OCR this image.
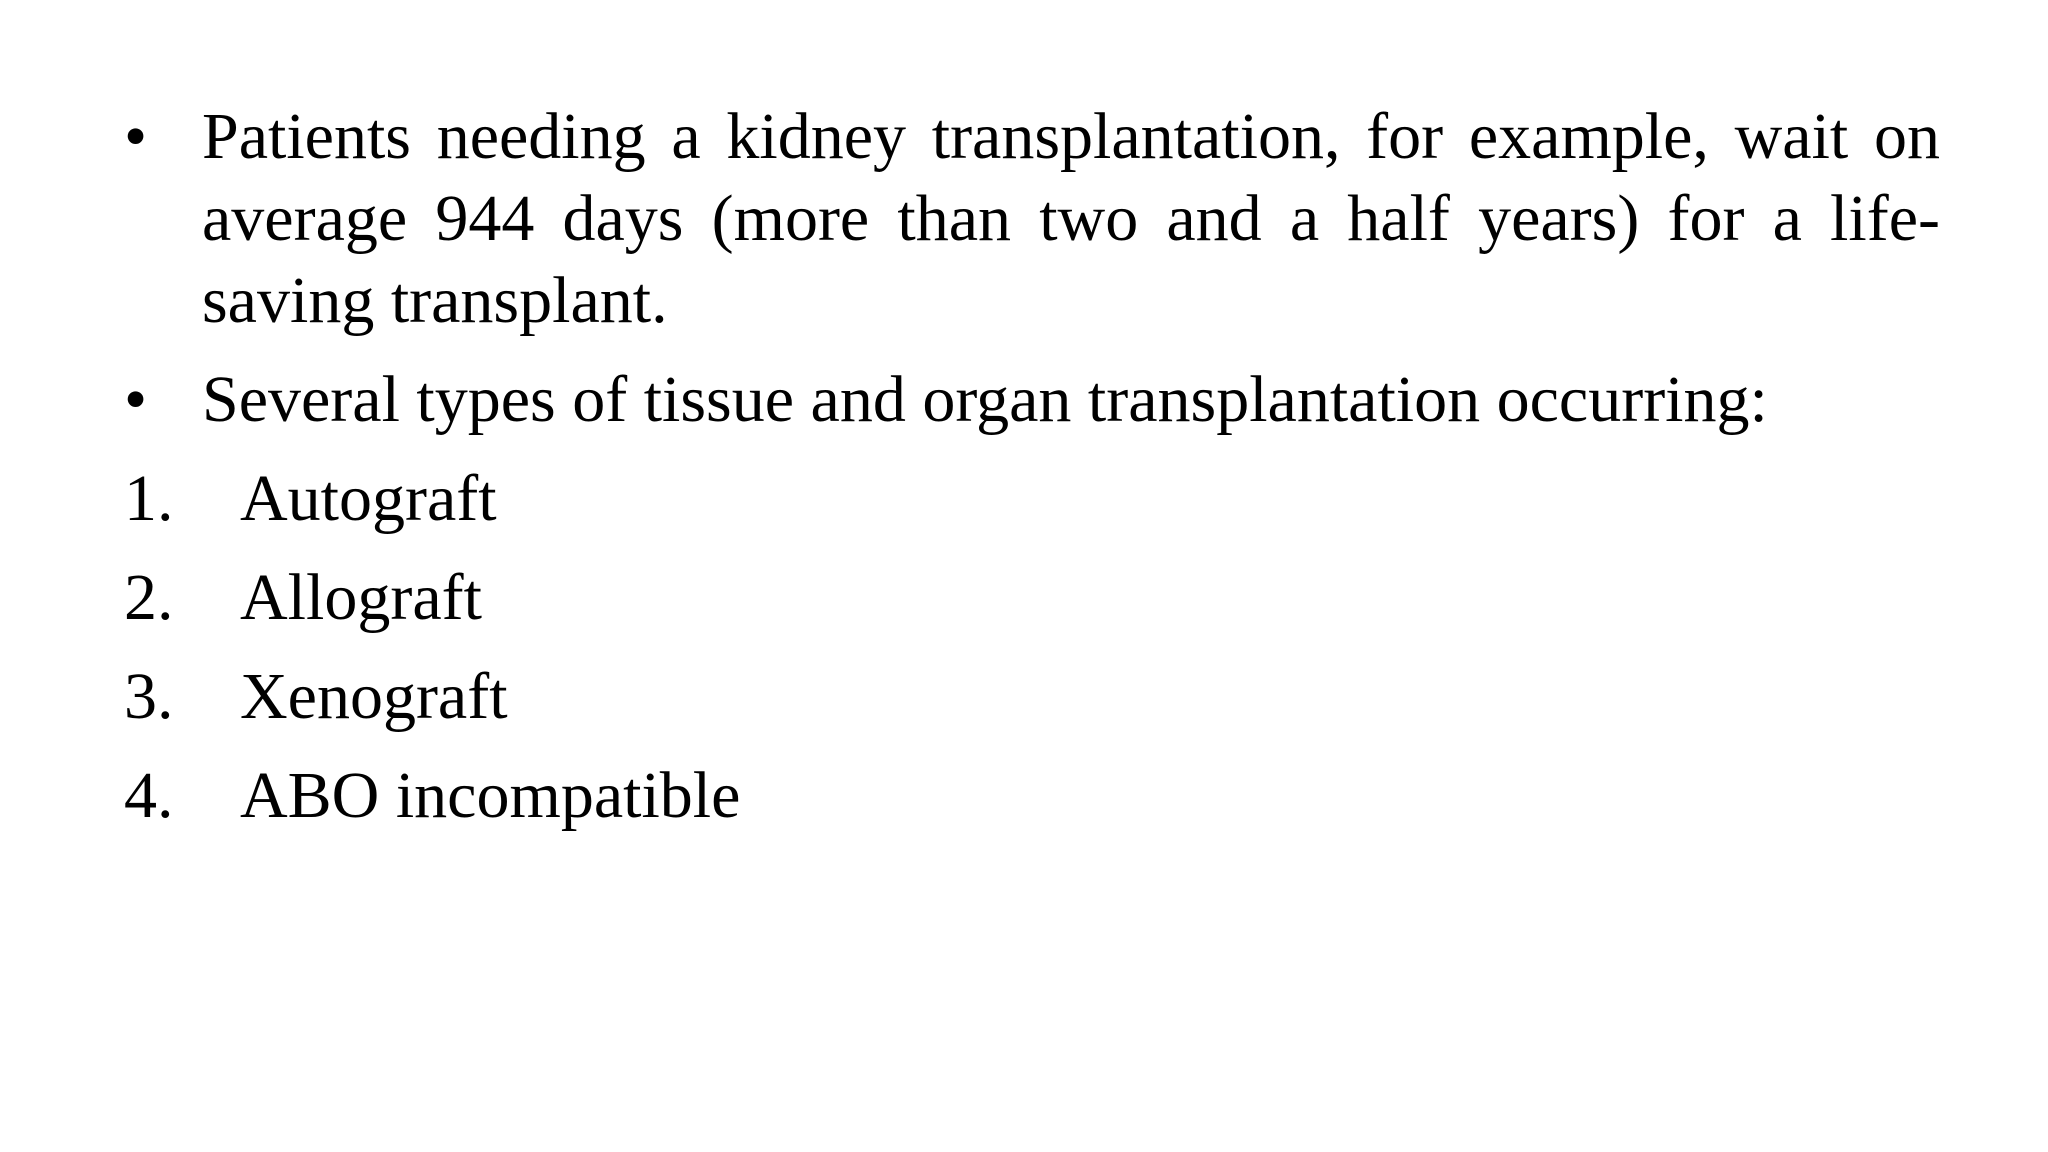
• Patients needing a kidney transplantation, for example, wait on average 944 days (more than two and a half years) for a life-saving transplant.
• Several types of tissue and organ transplantation occurring:
1.	Autograft
2.	Allograft
3.	Xenograft
4.	ABO incompatible
